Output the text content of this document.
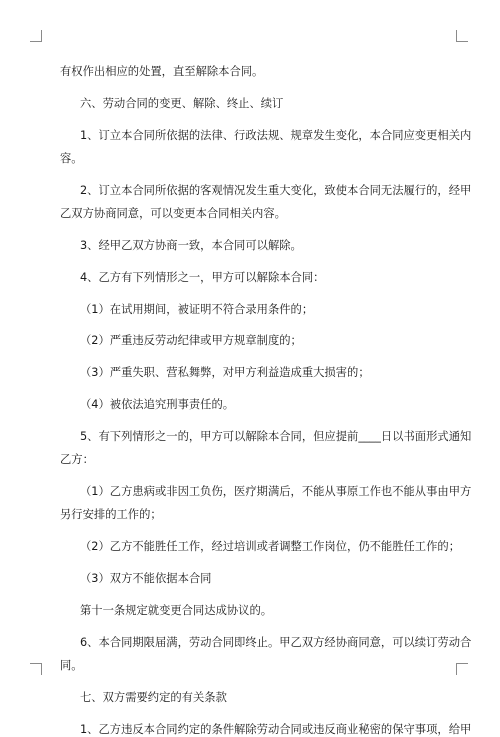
有权作出相应的处置，直至解除本合同。
六、劳动合同的变更、解除、终止、续订
1、订立本合同所依据的法律、行政法规、规章发生变化，本合同应变更相关内
容。
2、订立本合同所依据的客观情况发生重大变化，致使本合同无法履行的，经甲
乙双方协商同意，可以变更本合同相关内容。
3、经甲乙双方协商一致，本合同可以解除。
4、乙方有下列情形之一，甲方可以解除本合同：
（1）在试用期间，被证明不符合录用条件的；
（2）严重违反劳动纪律或甲方规章制度的；
（3）严重失职、营私舞弊，对甲方利益造成重大损害的；
（4）被依法追究刑事责任的。
5、有下列情形之一的，甲方可以解除本合同，但应提前____日以书面形式通知
乙方：
（1）乙方患病或非因工负伤，医疗期满后，不能从事原工作也不能从事由甲方
另行安排的工作的；
（2）乙方不能胜任工作，经过培训或者调整工作岗位，仍不能胜任工作的；
（3）双方不能依据本合同
第十一条规定就变更合同达成协议的。
6、本合同期限届满，劳动合同即终止。甲乙双方经协商同意，可以续订劳动合
同。
七、双方需要约定的有关条款
1、乙方违反本合同约定的条件解除劳动合同或违反商业秘密的保守事项，给甲
